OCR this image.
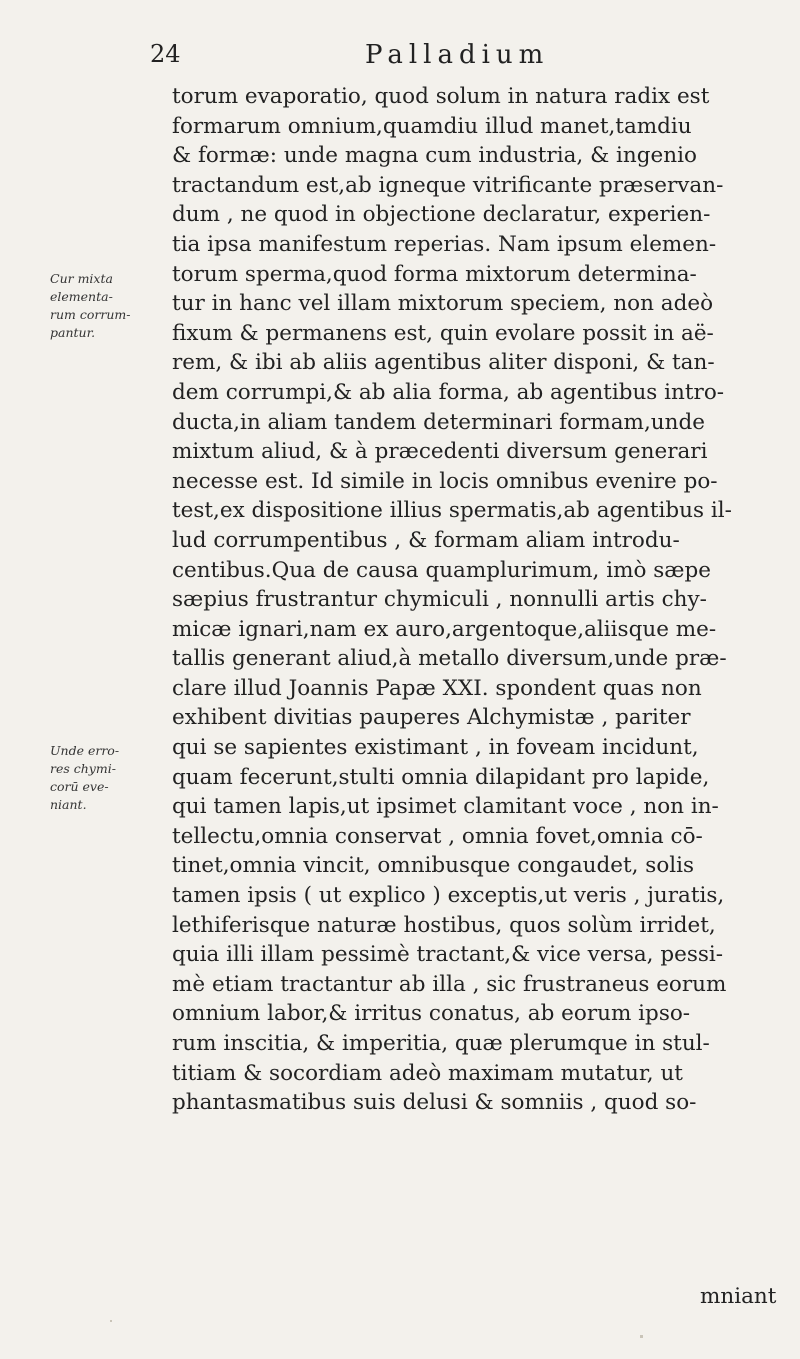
24	Palladium
Cur mixta
elementa-
rum corrum-
pantur.
Unde erro-
res chymi-
corū eve-
niant.
torum evaporatio, quod solum in natura radix est
formarum omnium,quamdiu illud manet,tamdiu
& formæ: unde magna cum industria, & ingenio
tractandum est,ab igneque vitrificante præservan-
dum , ne quod in objectione declaratur, experien-
tia ipsa manifestum reperias. Nam ipsum elemen-
torum sperma,quod forma mixtorum determina-
tur in hanc vel illam mixtorum speciem, non adeò
fixum & permanens est, quin evolare possit in aë-
rem, & ibi ab aliis agentibus aliter disponi, & tan-
dem corrumpi,& ab alia forma, ab agentibus intro-
ducta,in aliam tandem determinari formam,unde
mixtum aliud, & à præcedenti diversum generari
necesse est. Id simile in locis omnibus evenire po-
test,ex dispositione illius spermatis,ab agentibus il-
lud corrumpentibus , & formam aliam introdu-
centibus.Qua de causa quamplurimum, imò sæpe
sæpius frustrantur chymiculi , nonnulli artis chy-
micæ ignari,nam ex auro,argentoque,aliisque me-
tallis generant aliud,à metallo diversum,unde præ-
clare illud Joannis Papæ XXI. spondent quas non
exhibent divitias pauperes Alchymistæ , pariter
qui se sapientes existimant , in foveam incidunt,
quam fecerunt,stulti omnia dilapidant pro lapide,
qui tamen lapis,ut ipsimet clamitant voce , non in-
tellectu,omnia conservat , omnia fovet,omnia cō-
tinet,omnia vincit, omnibusque congaudet, solis
tamen ipsis ( ut explico ) exceptis,ut veris , juratis,
lethiferisque naturæ hostibus, quos solùm irridet,
quia illi illam pessimè tractant,& vice versa, pessi-
mè etiam tractantur ab illa , sic frustraneus eorum
omnium labor,& irritus conatus, ab eorum ipso-
rum inscitia, & imperitia, quæ plerumque in stul-
titiam & socordiam adeò maximam mutatur, ut
phantasmatibus suis delusi & somniis , quod so-
mniant
